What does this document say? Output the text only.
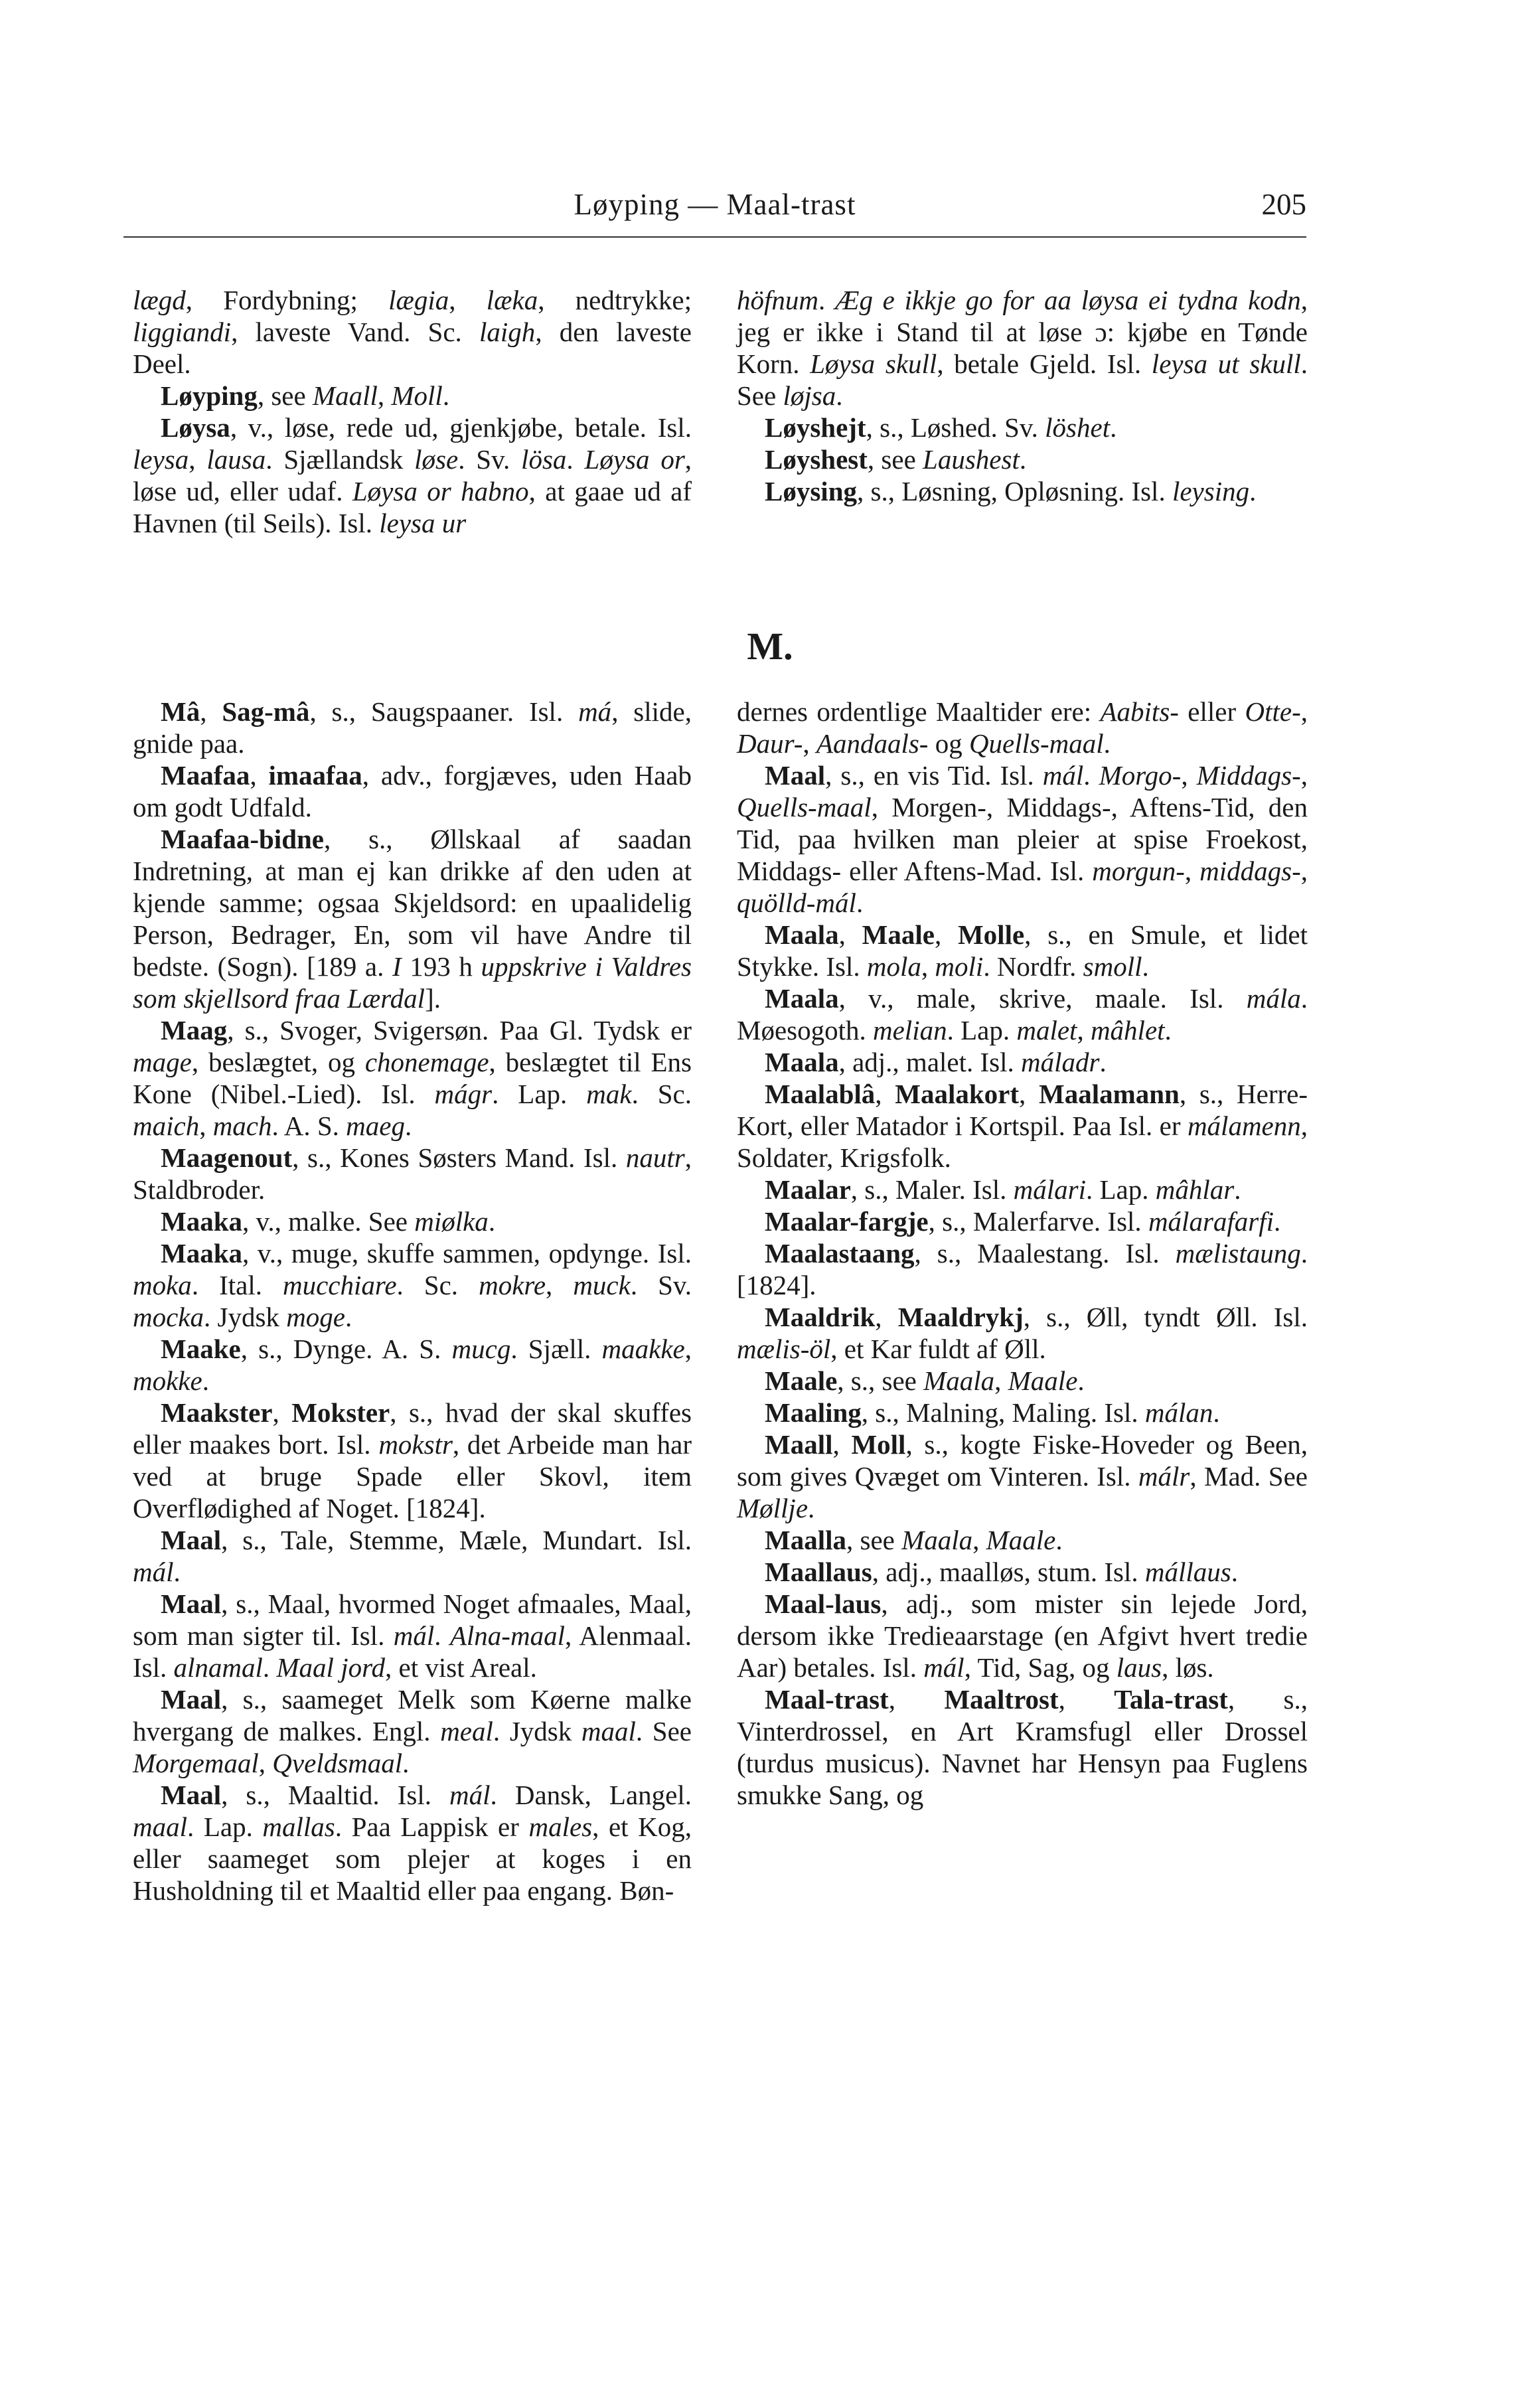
Løyping — Maal-trast	205

lægd, Fordybning; lægia, læka, nedtrykke; liggiandi, laveste Vand. Sc. laigh, den laveste Deel.

Løyping, see Maall, Moll.

Løysa, v., løse, rede ud, gjenkjøbe, betale. Isl. leysa, lausa. Sjællandsk løse. Sv. lösa. Løysa or, løse ud, eller udaf. Løysa or habno, at gaae ud af Havnen (til Seils). Isl. leysa ur

höfnum. Æg e ikkje go for aa løysa ei tydna kodn, jeg er ikke i Stand til at løse ɔ: kjøbe en Tønde Korn. Løysa skull, betale Gjeld. Isl. leysa ut skull. See løjsa.

Løyshejt, s., Løshed. Sv. löshet.

Løyshest, see Laushest.

Løysing, s., Løsning, Opløsning. Isl. leysing.

M.

Mâ, Sag-mâ, s., Saugspaaner. Isl. má, slide, gnide paa.

Maafaa, imaafaa, adv., forgjæves, uden Haab om godt Udfald.

Maafaa-bidne, s., Øllskaal af saadan Indretning, at man ej kan drikke af den uden at kjende samme; ogsaa Skjeldsord: en upaalidelig Person, Bedrager, En, som vil have Andre til bedste. (Sogn). [189 a. I 193 h uppskrive i Valdres som skjellsord fraa Lærdal].

Maag, s., Svoger, Svigersøn. Paa Gl. Tydsk er mage, beslægtet, og chonemage, beslægtet til Ens Kone (Nibel.-Lied). Isl. mágr. Lap. mak. Sc. maich, mach. A. S. maeg.

Maagenout, s., Kones Søsters Mand. Isl. nautr, Staldbroder.

Maaka, v., malke. See miølka.

Maaka, v., muge, skuffe sammen, opdynge. Isl. moka. Ital. mucchiare. Sc. mokre, muck. Sv. mocka. Jydsk moge.

Maake, s., Dynge. A. S. mucg. Sjæll. maakke, mokke.

Maakster, Mokster, s., hvad der skal skuffes eller maakes bort. Isl. mokstr, det Arbeide man har ved at bruge Spade eller Skovl, item Overflødighed af Noget. [1824].

Maal, s., Tale, Stemme, Mæle, Mundart. Isl. mál.

Maal, s., Maal, hvormed Noget afmaales, Maal, som man sigter til. Isl. mál. Alna-maal, Alenmaal. Isl. alnamal. Maal jord, et vist Areal.

Maal, s., saameget Melk som Køerne malke hvergang de malkes. Engl. meal. Jydsk maal. See Morgemaal, Qveldsmaal.

Maal, s., Maaltid. Isl. mál. Dansk, Langel. maal. Lap. mallas. Paa Lappisk er males, et Kog, eller saameget som plejer at koges i en Husholdning til et Maaltid eller paa engang. Bøn-

dernes ordentlige Maaltider ere: Aabits- eller Otte-, Daur-, Aandaals- og Quells-maal.

Maal, s., en vis Tid. Isl. mál. Morgo-, Middags-, Quells-maal, Morgen-, Middags-, Aftens-Tid, den Tid, paa hvilken man pleier at spise Froekost, Middags- eller Aftens-Mad. Isl. morgun-, middags-, quölld-mál.

Maala, Maale, Molle, s., en Smule, et lidet Stykke. Isl. mola, moli. Nordfr. smoll.

Maala, v., male, skrive, maale. Isl. mála. Møesogoth. melian. Lap. malet, mâhlet.

Maala, adj., malet. Isl. máladr.

Maalablâ, Maalakort, Maalamann, s., Herre-Kort, eller Matador i Kortspil. Paa Isl. er málamenn, Soldater, Krigsfolk.

Maalar, s., Maler. Isl. málari. Lap. mâhlar.

Maalar-fargje, s., Malerfarve. Isl. málarafarfi.

Maalastaang, s., Maalestang. Isl. mælistaung. [1824].

Maaldrik, Maaldrykj, s., Øll, tyndt Øll. Isl. mælis-öl, et Kar fuldt af Øll.

Maale, s., see Maala, Maale.

Maaling, s., Malning, Maling. Isl. málan.

Maall, Moll, s., kogte Fiske-Hoveder og Been, som gives Qvæget om Vinteren. Isl. málr, Mad. See Møllje.

Maalla, see Maala, Maale.

Maallaus, adj., maalløs, stum. Isl. mállaus.

Maal-laus, adj., som mister sin lejede Jord, dersom ikke Tredieaarstage (en Afgivt hvert tredie Aar) betales. Isl. mál, Tid, Sag, og laus, løs.

Maal-trast, Maaltrost, Tala-trast, s., Vinterdrossel, en Art Kramsfugl eller Drossel (turdus musicus). Navnet har Hensyn paa Fuglens smukke Sang, og
